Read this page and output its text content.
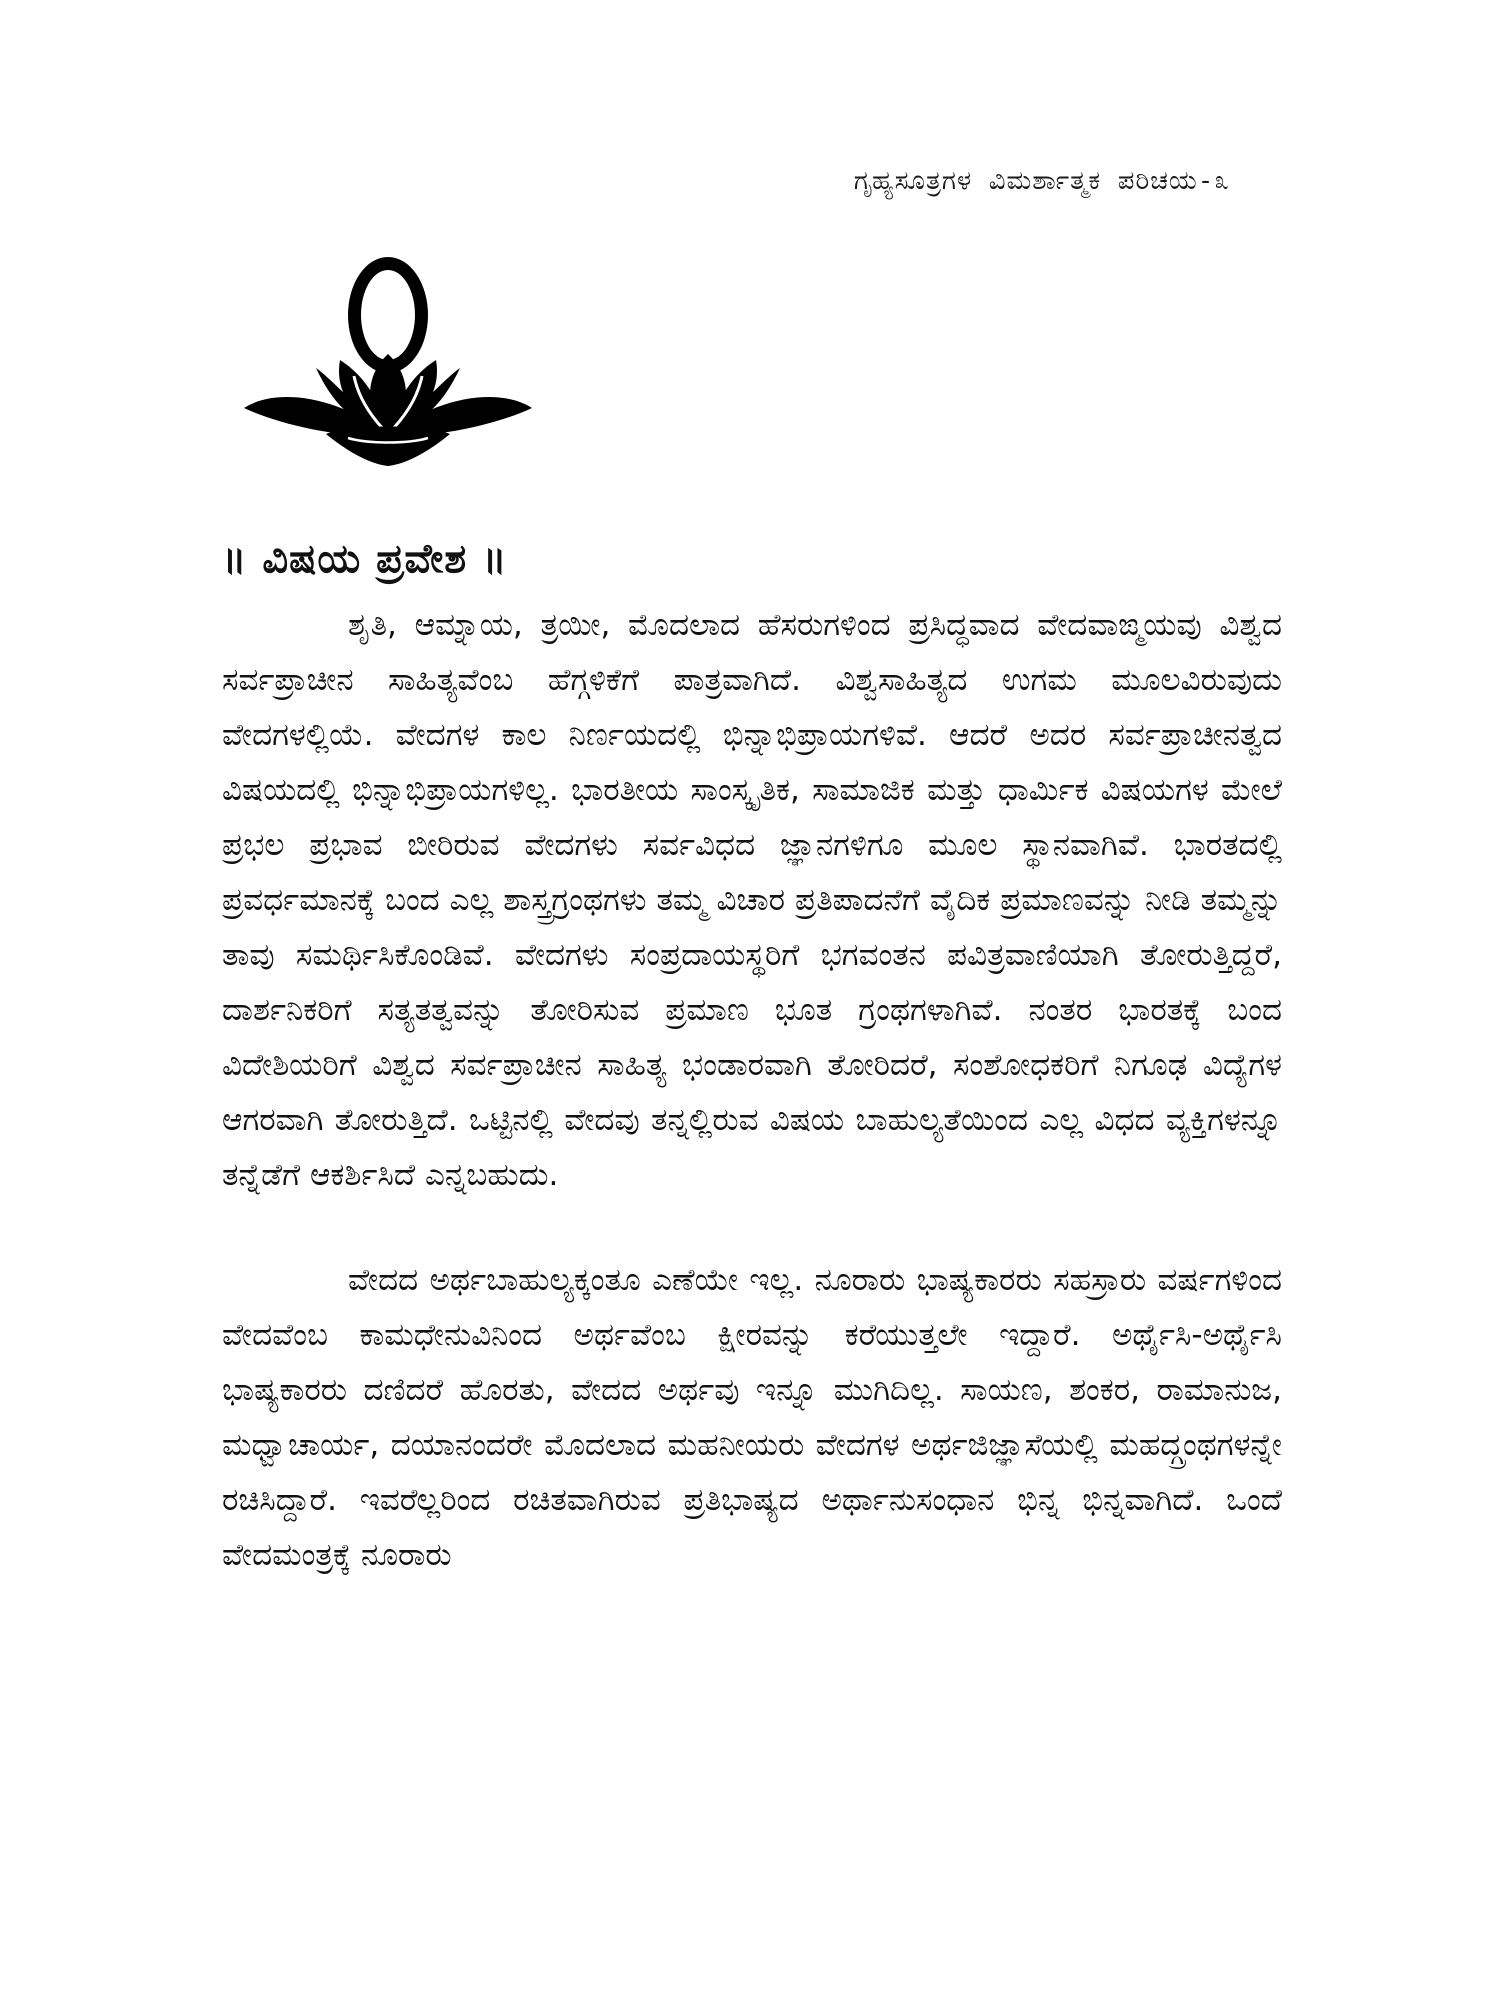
ಗೃಹ್ಯಸೂತ್ರಗಳ ವಿಮರ್ಶಾತ್ಮಕ ಪರಿಚಯ-೩
॥ ವಿಷಯ ಪ್ರವೇಶ ॥

ಶೃತಿ, ಆಮ್ನಾಯ, ತ್ರಯೀ, ಮೊದಲಾದ ಹೆಸರುಗಳಿಂದ ಪ್ರಸಿದ್ಧವಾದ ವೇದವಾಙ್ಮಯವು ವಿಶ್ವದ ಸರ್ವಪ್ರಾಚೀನ ಸಾಹಿತ್ಯವೆಂಬ ಹೆಗ್ಗಳಿಕೆಗೆ ಪಾತ್ರವಾಗಿದೆ. ವಿಶ್ವಸಾಹಿತ್ಯದ ಉಗಮ ಮೂಲವಿರುವುದು ವೇದಗಳಲ್ಲಿಯೆ. ವೇದಗಳ ಕಾಲ ನಿರ್ಣಯದಲ್ಲಿ ಭಿನ್ನಾಭಿಪ್ರಾಯಗಳಿವೆ. ಆದರೆ ಅದರ ಸರ್ವಪ್ರಾಚೀನತ್ವದ ವಿಷಯದಲ್ಲಿ ಭಿನ್ನಾಭಿಪ್ರಾಯಗಳಿಲ್ಲ. ಭಾರತೀಯ ಸಾಂಸ್ಕೃತಿಕ, ಸಾಮಾಜಿಕ ಮತ್ತು ಧಾರ್ಮಿಕ ವಿಷಯಗಳ ಮೇಲೆ ಪ್ರಭಲ ಪ್ರಭಾವ ಬೀರಿರುವ ವೇದಗಳು ಸರ್ವವಿಧದ ಜ್ಞಾನಗಳಿಗೂ ಮೂಲ ಸ್ಥಾನವಾಗಿವೆ. ಭಾರತದಲ್ಲಿ ಪ್ರವರ್ಧಮಾನಕ್ಕೆ ಬಂದ ಎಲ್ಲ ಶಾಸ್ತ್ರಗ್ರಂಥಗಳು ತಮ್ಮ ವಿಚಾರ ಪ್ರತಿಪಾದನೆಗೆ ವೈದಿಕ ಪ್ರಮಾಣವನ್ನು ನೀಡಿ ತಮ್ಮನ್ನು ತಾವು ಸಮರ್ಥಿಸಿಕೊಂಡಿವೆ. ವೇದಗಳು ಸಂಪ್ರದಾಯಸ್ಥರಿಗೆ ಭಗವಂತನ ಪವಿತ್ರವಾಣಿಯಾಗಿ ತೋರುತ್ತಿದ್ದರೆ, ದಾರ್ಶನಿಕರಿಗೆ ಸತ್ಯತತ್ವವನ್ನು ತೋರಿಸುವ ಪ್ರಮಾಣ ಭೂತ ಗ್ರಂಥಗಳಾಗಿವೆ. ನಂತರ ಭಾರತಕ್ಕೆ ಬಂದ ವಿದೇಶಿಯರಿಗೆ ವಿಶ್ವದ ಸರ್ವಪ್ರಾಚೀನ ಸಾಹಿತ್ಯ ಭಂಡಾರವಾಗಿ ತೋರಿದರೆ, ಸಂಶೋಧಕರಿಗೆ ನಿಗೂಢ ವಿದ್ಯೆಗಳ ಆಗರವಾಗಿ ತೋರುತ್ತಿದೆ. ಒಟ್ಟಿನಲ್ಲಿ ವೇದವು ತನ್ನಲ್ಲಿರುವ ವಿಷಯ ಬಾಹುಲ್ಯತೆಯಿಂದ ಎಲ್ಲ ವಿಧದ ವ್ಯಕ್ತಿಗಳನ್ನೂ ತನ್ನೆಡೆಗೆ ಆಕರ್ಶಿಸಿದೆ ಎನ್ನಬಹುದು.

ವೇದದ ಅರ್ಥಬಾಹುಲ್ಯಕ್ಕಂತೂ ಎಣೆಯೇ ಇಲ್ಲ. ನೂರಾರು ಭಾಷ್ಯಕಾರರು ಸಹಸ್ರಾರು ವರ್ಷಗಳಿಂದ ವೇದವೆಂಬ ಕಾಮಧೇನುವಿನಿಂದ ಅರ್ಥವೆಂಬ ಕ್ಷೀರವನ್ನು ಕರೆಯುತ್ತಲೇ ಇದ್ದಾರೆ. ಅರ್ಥೈಸಿ-ಅರ್ಥೈಸಿ ಭಾಷ್ಯಕಾರರು ದಣಿದರೆ ಹೊರತು, ವೇದದ ಅರ್ಥವು ಇನ್ನೂ ಮುಗಿದಿಲ್ಲ. ಸಾಯಣ, ಶಂಕರ, ರಾಮಾನುಜ, ಮಧ್ವಾಚಾರ್ಯ, ದಯಾನಂದರೇ ಮೊದಲಾದ ಮಹನೀಯರು ವೇದಗಳ ಅರ್ಥಜಿಜ್ಞಾಸೆಯಲ್ಲಿ ಮಹದ್ಗ್ರಂಥಗಳನ್ನೇ ರಚಿಸಿದ್ದಾರೆ. ಇವರೆಲ್ಲರಿಂದ ರಚಿತವಾಗಿರುವ ಪ್ರತಿಭಾಷ್ಯದ ಅರ್ಥಾನುಸಂಧಾನ ಭಿನ್ನ ಭಿನ್ನವಾಗಿದೆ. ಒಂದೆ ವೇದಮಂತ್ರಕ್ಕೆ ನೂರಾರು
